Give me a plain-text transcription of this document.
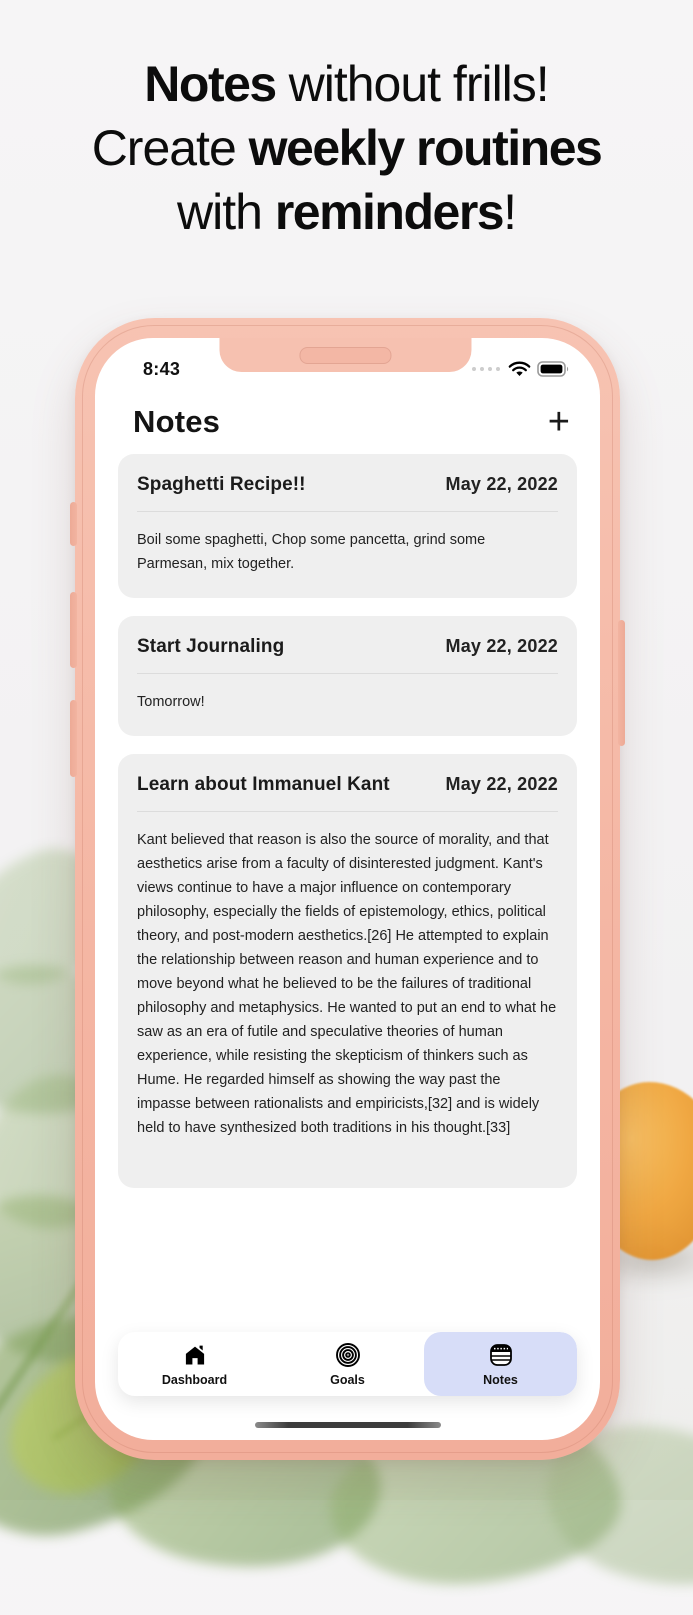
Notes without frills!
Create weekly routines
with reminders!
8:43
Notes	+
Spaghetti Recipe!!	May 22, 2022
Boil some spaghetti, Chop some pancetta, grind some Parmesan, mix together.
Start Journaling	May 22, 2022
Tomorrow!
Learn about Immanuel Kant	May 22, 2022
Kant believed that reason is also the source of morality, and that aesthetics arise from a faculty of disinterested judgment. Kant's views continue to have a major influence on contemporary philosophy, especially the fields of epistemology, ethics, political theory, and post-modern aesthetics.[26] He attempted to explain the relationship between reason and human experience and to move beyond what he believed to be the failures of traditional philosophy and metaphysics. He wanted to put an end to what he saw as an era of futile and speculative theories of human experience, while resisting the skepticism of thinkers such as Hume. He regarded himself as showing the way past the impasse between rationalists and empiricists,[32] and is widely held to have synthesized both traditions in his thought.[33]
Dashboard	Goals	Notes
